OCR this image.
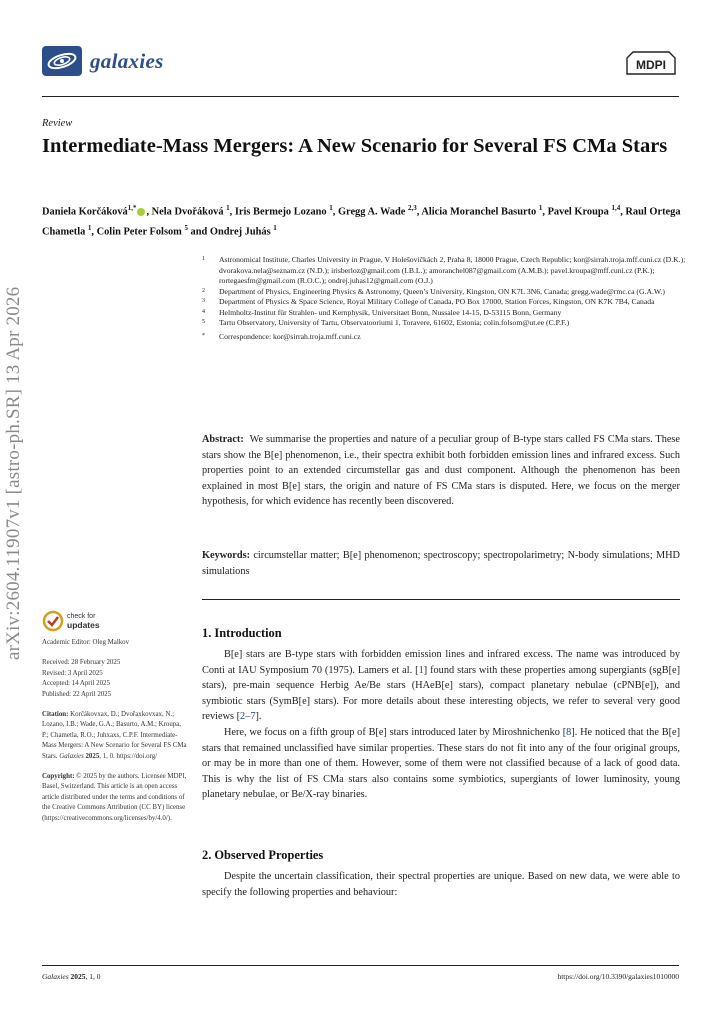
galaxies	MDPI
Review
Intermediate-Mass Mergers: A New Scenario for Several FS CMa Stars
Daniela Korčáková$^{1,*}$ , Nela Dvořáková $^1$, Iris Bermejo Lozano $^1$, Gregg A. Wade $^{2,3}$, Alicia Moranchel Basurto $^1$, Pavel Kroupa $^{1,4}$, Raul Ortega Chametla $^1$, Colin Peter Folsom $^5$ and Ondrej Juhás $^1$
1 Astronomical Institute, Charles University in Prague, V Holešovičkách 2, Praha 8, 18000 Prague, Czech Republic; kor@sirrah.troja.mff.cuni.cz (D.K.); dvorakova.nela@seznam.cz (N.D.); irisberloz@gmail.com (I.B.L.); amoranchel087@gmail.com (A.M.B.); pavel.kroupa@mff.cuni.cz (P.K.); rortegaesfm@gmail.com (R.O.C.); ondrej.juhas12@gmail.com (O.J.)
2 Department of Physics, Engineering Physics & Astronomy, Queen’s University, Kingston, ON K7L 3N6, Canada; gregg.wade@rmc.ca (G.A.W.)
3 Department of Physics & Space Science, Royal Military College of Canada, PO Box 17000, Station Forces, Kingston, ON K7K 7B4, Canada
4 Helmholtz-Institut für Strahlen- und Kernphysik, Universitaet Bonn, Nussalee 14-15, D-53115 Bonn, Germany
5 Tartu Observatory, University of Tartu, Observatooriumi 1, Toravere, 61602, Estonia; colin.folsom@ut.ee (C.P.F.)
* Correspondence: kor@sirrah.troja.mff.cuni.cz
Abstract: We summarise the properties and nature of a peculiar group of B-type stars called FS CMa stars. These stars show the B[e] phenomenon, i.e., their spectra exhibit both forbidden emission lines and infrared excess. Such properties point to an extended circumstellar gas and dust component. Although the phenomenon has been explained in most B[e] stars, the origin and nature of FS CMa stars is disputed. Here, we focus on the merger hypothesis, for which evidence has recently been discovered.
Keywords: circumstellar matter; B[e] phenomenon; spectroscopy; spectropolarimetry; N-body simulations; MHD simulations
arXiv:2604.11907v1 [astro-ph.SR] 13 Apr 2026	check for
updates
Academic Editor: Oleg Malkov
Received: 28 February 2025
Revised: 3 April 2025
Accepted: 14 April 2025
Published: 22 April 2025
Citation: Korčákovxax, D.; Dvořaxkovxax, N.; Lozano, I.B.; Wade, G.A.; Basurto, A.M.; Kroupa, P.; Chametla, R.O.; Juhxaxs, C.P.F. Intermediate-Mass Mergers: A New Scenario for Several FS CMa Stars. Galaxies 2025, 1, 0. https://doi.org/
Copyright: © 2025 by the authors. Licensee MDPI, Basel, Switzerland. This article is an open access article distributed under the terms and conditions of the Creative Commons Attribution (CC BY) license (https://creativecommons.org/licenses/by/4.0/).
1. Introduction

B[e] stars are B-type stars with forbidden emission lines and infrared excess. The name was introduced by Conti at IAU Symposium 70 (1975). Lamers et al. [1] found stars with these properties among supergiants (sgB[e] stars), pre-main sequence Herbig Ae/Be stars (HAeB[e] stars), compact planetary nebulae (cPNB[e]), and symbiotic stars (SymB[e] stars). For more details about these interesting objects, we refer to several very good reviews [2–7].

Here, we focus on a fifth group of B[e] stars introduced later by Miroshnichenko [8]. He noticed that the B[e] stars that remained unclassified have similar properties. These stars do not fit into any of the four original groups, or may be in more than one of them. However, some of them were not classified because of a lack of good data. This is why the list of FS CMa stars also contains some symbiotics, supergiants of lower luminosity, young planetary nebulae, or Be/X-ray binaries.

2. Observed Properties

Despite the uncertain classification, their spectral properties are unique. Based on new data, we were able to specify the following properties and behaviour:

Galaxies 2025, 1, 0	https://doi.org/10.3390/galaxies1010000
